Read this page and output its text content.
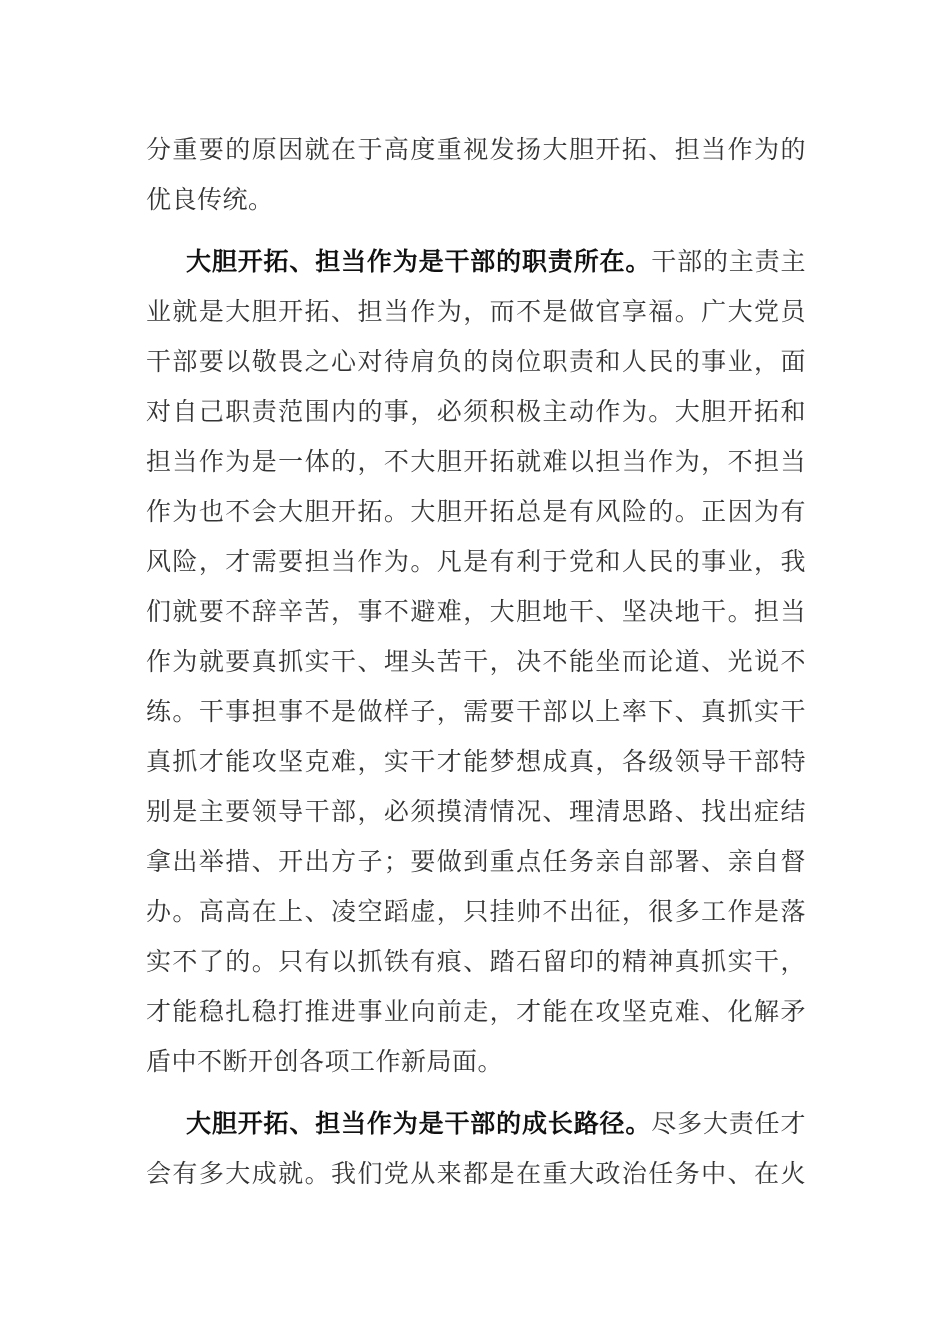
分重要的原因就在于高度重视发扬大胆开拓、担当作为的

优良传统。

大胆开拓、担当作为是干部的职责所在。干部的主责主

业就是大胆开拓、担当作为，而不是做官享福。广大党员

干部要以敬畏之心对待肩负的岗位职责和人民的事业，面

对自己职责范围内的事，必须积极主动作为。大胆开拓和

担当作为是一体的，不大胆开拓就难以担当作为，不担当

作为也不会大胆开拓。大胆开拓总是有风险的。正因为有

风险，才需要担当作为。凡是有利于党和人民的事业，我

们就要不辞辛苦，事不避难，大胆地干、坚决地干。担当

作为就要真抓实干、埋头苦干，决不能坐而论道、光说不

练。干事担事不是做样子，需要干部以上率下、真抓实干

真抓才能攻坚克难，实干才能梦想成真，各级领导干部特

别是主要领导干部，必须摸清情况、理清思路、找出症结

拿出举措、开出方子；要做到重点任务亲自部署、亲自督

办。高高在上、凌空蹈虚，只挂帅不出征，很多工作是落

实不了的。只有以抓铁有痕、踏石留印的精神真抓实干，

才能稳扎稳打推进事业向前走，才能在攻坚克难、化解矛

盾中不断开创各项工作新局面。

大胆开拓、担当作为是干部的成长路径。尽多大责任才

会有多大成就。我们党从来都是在重大政治任务中、在火
